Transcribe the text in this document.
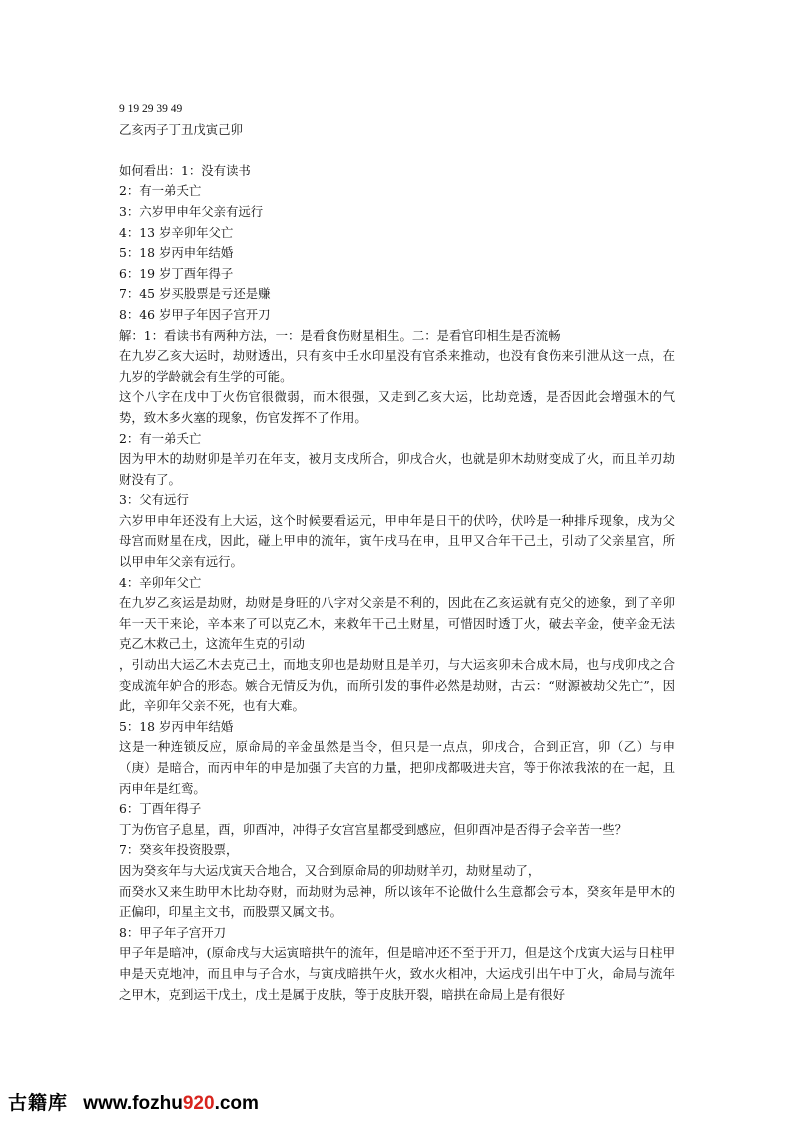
9 19 29 39 49

乙亥丙子丁丑戊寅己卯

如何看出：1：没有读书

2：有一弟夭亡

3：六岁甲申年父亲有远行

4：13 岁辛卯年父亡

5：18 岁丙申年结婚

6：19 岁丁酉年得子

7：45 岁买股票是亏还是赚

8：46 岁甲子年因子宫开刀

解：1：看读书有两种方法，一：是看食伤财星相生。二：是看官印相生是否流畅

在九岁乙亥大运时，劫财透出，只有亥中壬水印星没有官杀来推动，也没有食伤来引泄从这一点，在九岁的学龄就会有生学的可能。

这个八字在戊中丁火伤官很微弱，而木很强，又走到乙亥大运，比劫竞透，是否因此会增强木的气势，致木多火塞的现象，伤官发挥不了作用。

2：有一弟夭亡

因为甲木的劫财卯是羊刃在年支，被月支戌所合，卯戌合火，也就是卯木劫财变成了火，而且羊刃劫财没有了。

3：父有远行

六岁甲申年还没有上大运，这个时候要看运元，甲申年是日干的伏吟，伏吟是一种排斥现象，戌为父母宫而财星在戌，因此，碰上甲申的流年，寅午戌马在申，且甲又合年干己土，引动了父亲星宫，所以甲申年父亲有远行。

4：辛卯年父亡

在九岁乙亥运是劫财，劫财是身旺的八字对父亲是不利的，因此在乙亥运就有克父的迹象，到了辛卯年一天干来论，辛本来了可以克乙木，来救年干己土财星，可惜因时透丁火，破去辛金，使辛金无法克乙木救己土，这流年生克的引动

，引动出大运乙木去克己土，而地支卯也是劫财且是羊刃，与大运亥卯未合成木局，也与戌卯戌之合变成流年妒合的形态。嫉合无情反为仇，而所引发的事件必然是劫财，古云：“财源被劫父先亡”，因此，辛卯年父亲不死，也有大难。

5：18 岁丙申年结婚

这是一种连锁反应，原命局的辛金虽然是当令，但只是一点点，卯戌合，合到正宫，卯（乙）与申（庚）是暗合，而丙申年的申是加强了夫宫的力量，把卯戌都吸进夫宫，等于你浓我浓的在一起，且丙申年是红鸾。

6：丁酉年得子

丁为伤官子息星，酉，卯酉冲，冲得子女宫宫星都受到感应，但卯酉冲是否得子会辛苦一些？

7：癸亥年投资股票，

因为癸亥年与大运戊寅天合地合，又合到原命局的卯劫财羊刃，劫财星动了，

而癸水又来生助甲木比劫夺财，而劫财为忌神，所以该年不论做什么生意都会亏本，癸亥年是甲木的正偏印，印星主文书，而股票又属文书。

8：甲子年子宫开刀

甲子年是暗冲，(原命戌与大运寅暗拱午的流年，但是暗冲还不至于开刀，但是这个戊寅大运与日柱甲申是天克地冲，而且申与子合水，与寅戌暗拱午火，致水火相冲，大运戌引出午中丁火，命局与流年之甲木，克到运干戊土，戊土是属于皮肤，等于皮肤开裂，暗拱在命局上是有很好

古籍库 www.fozhu920.com
